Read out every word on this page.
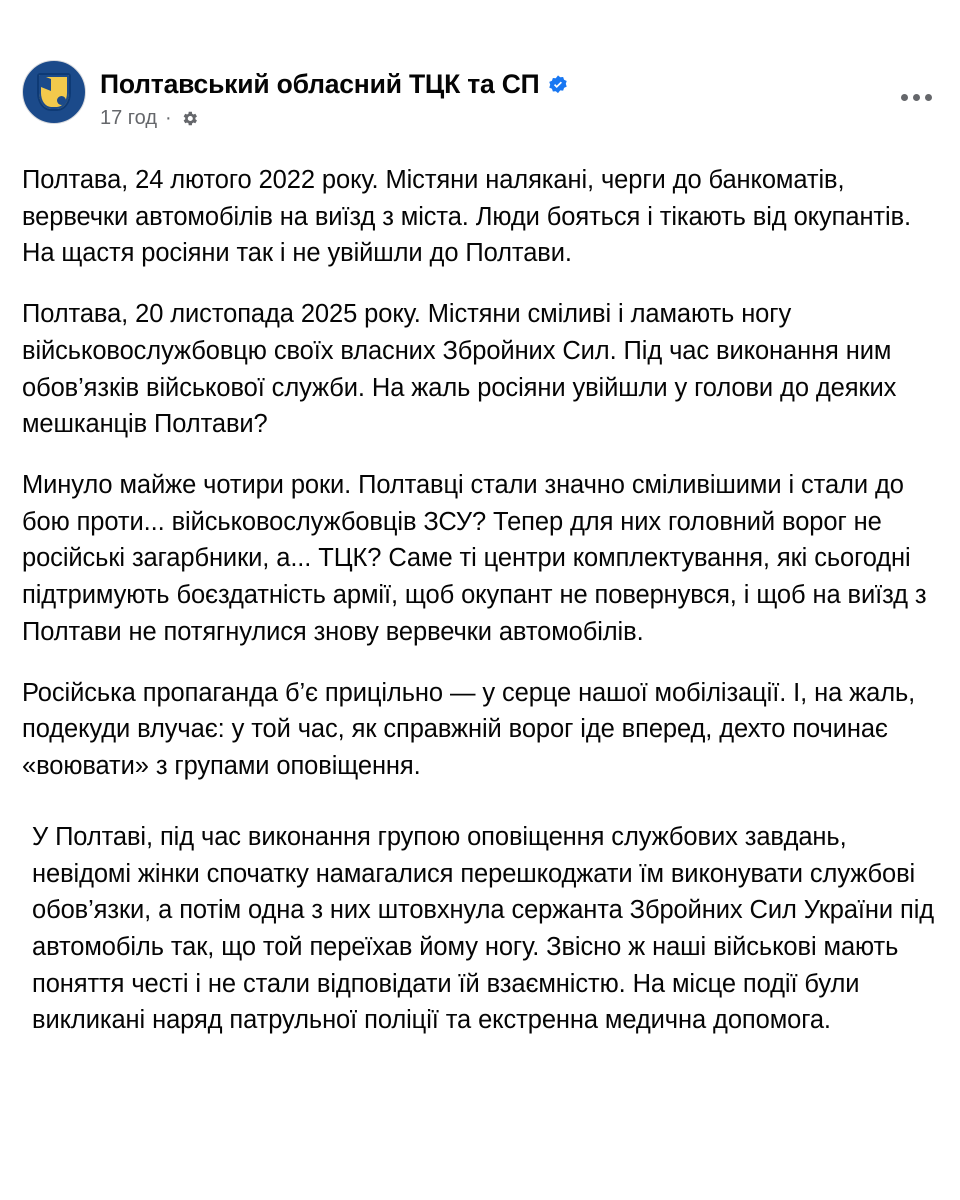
Полтавський обласний ТЦК та СП
17 год ·

Полтава, 24 лютого 2022 року. Містяни налякані, черги до банкоматів, вервечки автомобілів на виїзд з міста. Люди бояться і тікають від окупантів. На щастя росіяни так і не увійшли до Полтави.

Полтава, 20 листопада 2025 року. Містяни сміливі і ламають ногу військовослужбовцю своїх власних Збройних Сил. Під час виконання ним обов’язків військової служби. На жаль росіяни увійшли у голови до деяких мешканців Полтави?

Минуло майже чотири роки. Полтавці стали значно сміливішими і стали до бою проти... військовослужбовців ЗСУ? Тепер для них головний ворог не російські загарбники, а... ТЦК? Саме ті центри комплектування, які сьогодні підтримують боєздатність армії, щоб окупант не повернувся, і щоб на виїзд з Полтави не потягнулися знову вервечки автомобілів.

Російська пропаганда б’є прицільно — у серце нашої мобілізації. І, на жаль, подекуди влучає: у той час, як справжній ворог іде вперед, дехто починає «воювати» з групами оповіщення.

У Полтаві, під час виконання групою оповіщення службових завдань, невідомі жінки спочатку намагалися перешкоджати їм виконувати службові обов’язки, а потім одна з них штовхнула сержанта Збройних Сил України під автомобіль так, що той переїхав йому ногу. Звісно ж наші військові мають поняття честі і не стали відповідати їй взаємністю. На місце події були викликані наряд патрульної поліції та екстренна медична допомога.
